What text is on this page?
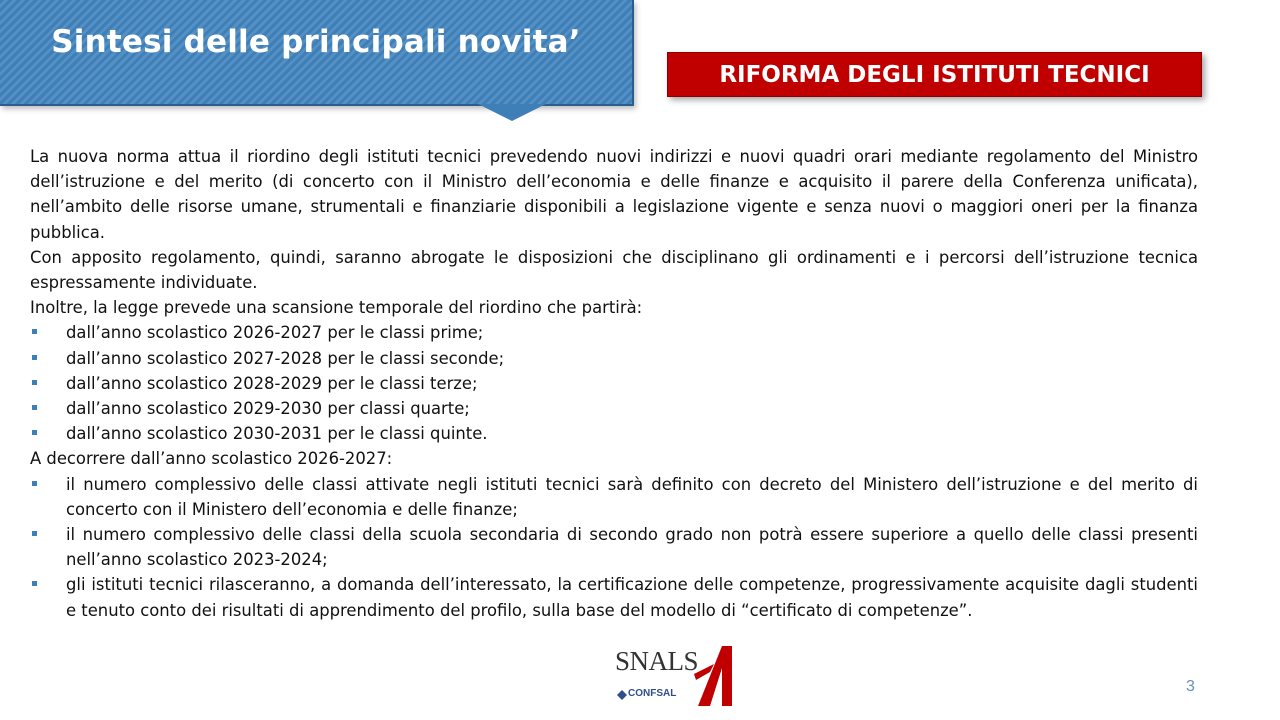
Sintesi delle principali novita’
RIFORMA DEGLI ISTITUTI TECNICI

La nuova norma attua il riordino degli istituti tecnici prevedendo nuovi indirizzi e nuovi quadri orari mediante regolamento del Ministro dell’istruzione e del merito (di concerto con il Ministro dell’economia e delle finanze e acquisito il parere della Conferenza unificata), nell’ambito delle risorse umane, strumentali e finanziarie disponibili a legislazione vigente e senza nuovi o maggiori oneri per la finanza pubblica.

Con apposito regolamento, quindi, saranno abrogate le disposizioni che disciplinano gli ordinamenti e i percorsi dell’istruzione tecnica espressamente individuate.

Inoltre, la legge prevede una scansione temporale del riordino che partirà:

dall’anno scolastico 2026-2027 per le classi prime;
dall’anno scolastico 2027-2028 per le classi seconde;
dall’anno scolastico 2028-2029 per le classi terze;
dall’anno scolastico 2029-2030 per classi quarte;
dall’anno scolastico 2030-2031 per le classi quinte.

A decorrere dall’anno scolastico 2026-2027:

il numero complessivo delle classi attivate negli istituti tecnici sarà definito con decreto del Ministero dell’istruzione e del merito di concerto con il Ministero dell’economia e delle finanze;
il numero complessivo delle classi della scuola secondaria di secondo grado non potrà essere superiore a quello delle classi presenti nell’anno scolastico 2023-2024;
gli istituti tecnici rilasceranno, a domanda dell’interessato, la certificazione delle competenze, progressivamente acquisite dagli studenti e tenuto conto dei risultati di apprendimento del profilo, sulla base del modello di “certificato di competenze”.
SNALS
CONFSAL	3
